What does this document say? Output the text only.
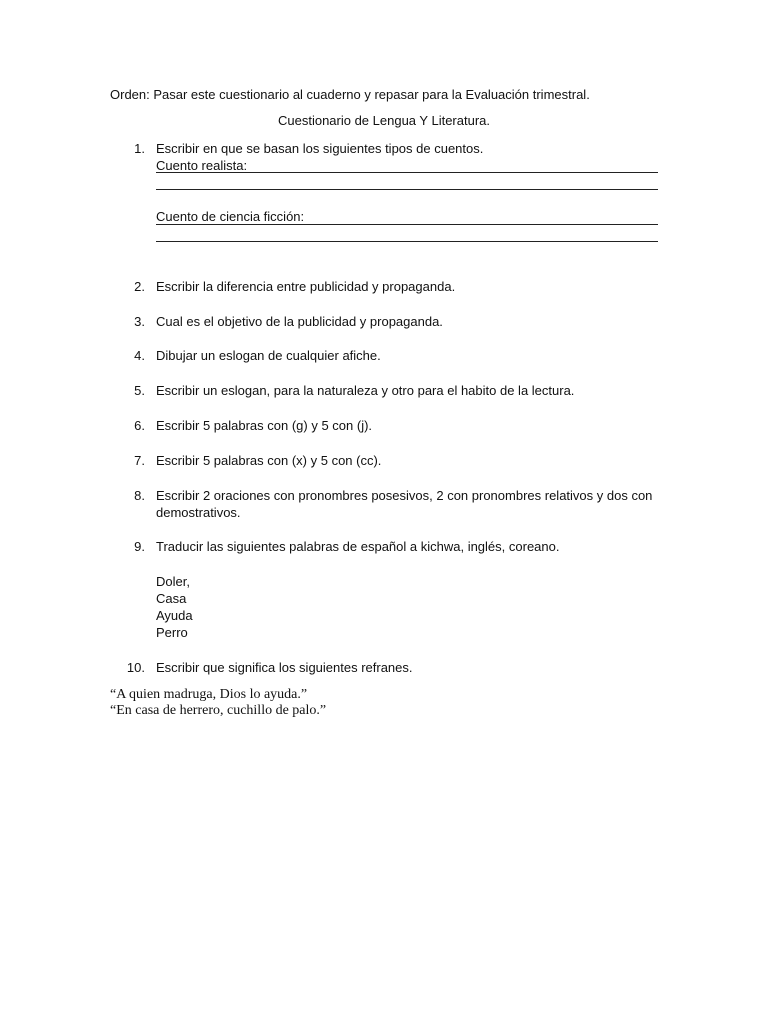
Orden: Pasar este cuestionario al cuaderno y repasar para la Evaluación trimestral.
Cuestionario de Lengua Y Literatura.
1. Escribir en que se basan los siguientes tipos de cuentos.
Cuento realista:
Cuento de ciencia ficción:
2. Escribir la diferencia entre publicidad y propaganda.
3. Cual es el objetivo de la publicidad y propaganda.
4. Dibujar un eslogan de cualquier afiche.
5. Escribir un eslogan, para la naturaleza y otro para el habito de la lectura.
6. Escribir 5 palabras con (g) y 5 con (j).
7. Escribir 5 palabras con (x) y 5 con (cc).
8. Escribir 2 oraciones con pronombres posesivos, 2 con pronombres relativos y dos con demostrativos.
9. Traducir las siguientes palabras de español a kichwa, inglés, coreano.
Doler,
Casa
Ayuda
Perro
10. Escribir que significa los siguientes refranes.
“A quien madruga, Dios lo ayuda.”
“En casa de herrero, cuchillo de palo.”
